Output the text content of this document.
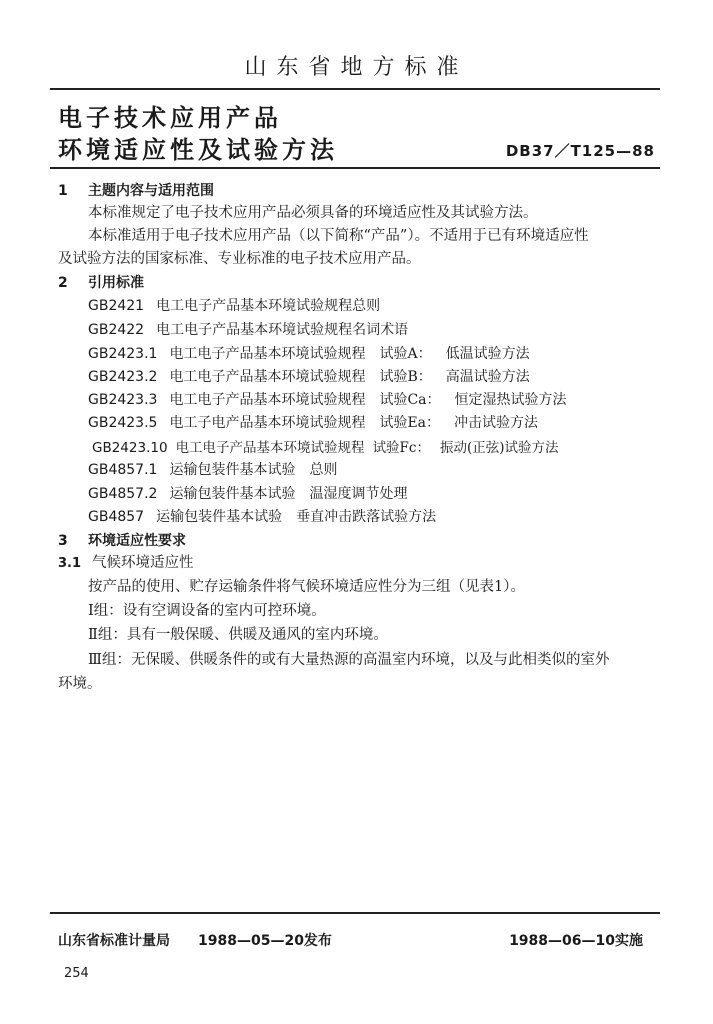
山东省地方标准
电子技术应用产品
环境适应性及试验方法	DB37／T125—88
1 主题内容与适用范围
本标准规定了电子技术应用产品必须具备的环境适应性及其试验方法。
本标准适用于电子技术应用产品（以下简称“产品”）。不适用于已有环境适应性
及试验方法的国家标准、专业标准的电子技术应用产品。
2 引用标准
GB2421 电工电子产品基本环境试验规程总则
GB2422 电工电子产品基本环境试验规程名词术语
GB2423.1 电工电子产品基本环境试验规程 试验A： 低温试验方法
GB2423.2 电工电子产品基本环境试验规程 试验B： 高温试验方法
GB2423.3 电工电子产品基本环境试验规程 试验Ca： 恒定湿热试验方法
GB2423.5 电工子电产品基本环境试验规程 试验Ea： 冲击试验方法
GB2423.10 电工电子产品基本环境试验规程 试验Fc： 振动(正弦)试验方法
GB4857.1 运输包装件基本试验 总则
GB4857.2 运输包装件基本试验 温湿度调节处理
GB4857 运输包装件基本试验 垂直冲击跌落试验方法
3 环境适应性要求
3.1 气候环境适应性
按产品的使用、贮存运输条件将气候环境适应性分为三组（见表1）。
Ⅰ组：设有空调设备的室内可控环境。
Ⅱ组：具有一般保暖、供暖及通风的室内环境。
Ⅲ组：无保暖、供暖条件的或有大量热源的高温室内环境，以及与此相类似的室外
环境。
山东省标准计量局 1988—05—20发布	1988—06—10实施
254
